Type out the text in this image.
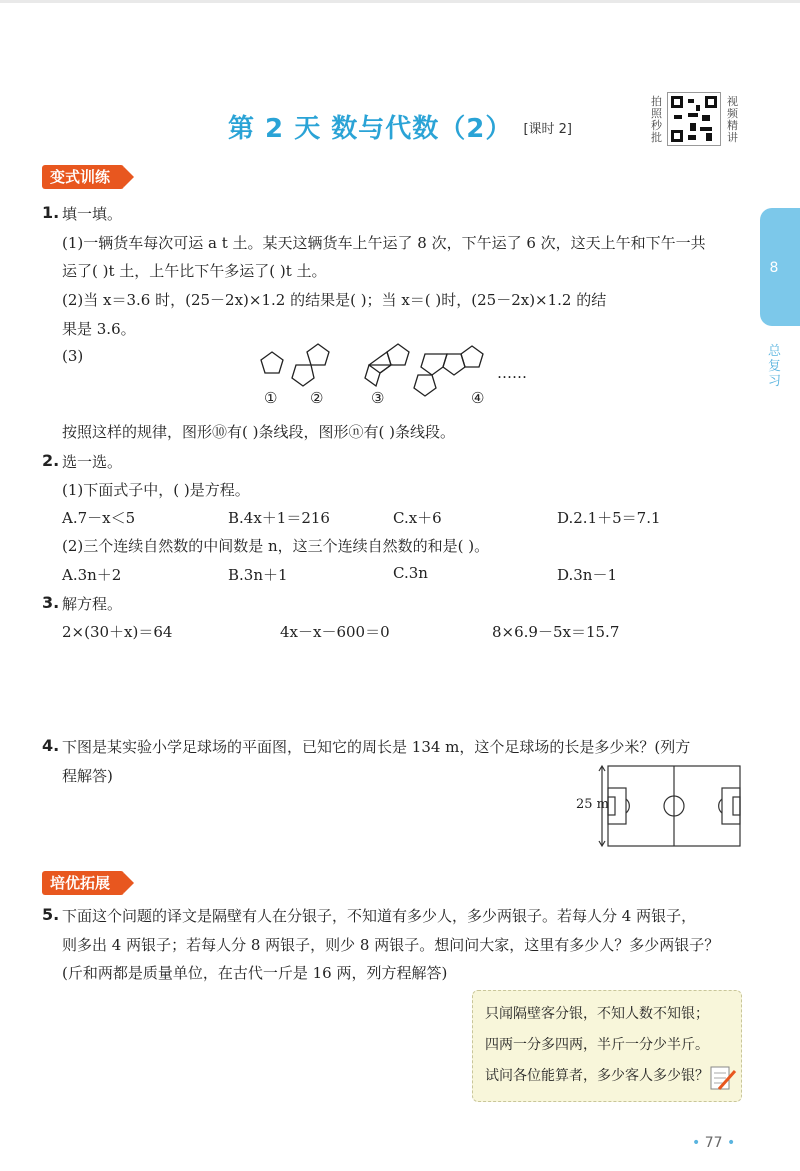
第 2 天 数与代数（2） [课时 2]
拍照秒批
视频精讲
8
总复习
变式训练
1. 填一填。
(1)一辆货车每次可运 a t 土。某天这辆货车上午运了 8 次，下午运了 6 次，这天上午和下午一共
运了( )t 土，上午比下午多运了( )t 土。
(2)当 x＝3.6 时，(25－2x)×1.2 的结果是( )；当 x＝( )时，(25－2x)×1.2 的结
果是 3.6。
(3)
……
① ②	③	④
按照这样的规律，图形⑩有( )条线段，图形ⓝ有( )条线段。
2. 选一选。
(1)下面式子中，( )是方程。
A.7－x＜5	B.4x＋1＝216	C.x＋6	D.2.1＋5＝7.1
(2)三个连续自然数的中间数是 n，这三个连续自然数的和是( )。
A.3n＋2	B.3n＋1	C.3n	D.3n－1
3. 解方程。
2×(30＋x)＝64	4x－x－600＝0	8×6.9－5x＝15.7
4. 下图是某实验小学足球场的平面图，已知它的周长是 134 m，这个足球场的长是多少米？(列方
程解答)
25 m
培优拓展
5. 下面这个问题的译文是隔壁有人在分银子，不知道有多少人，多少两银子。若每人分 4 两银子，
则多出 4 两银子；若每人分 8 两银子，则少 8 两银子。想问问大家，这里有多少人？多少两银子？
(斤和两都是质量单位，在古代一斤是 16 两，列方程解答)
只闻隔壁客分银，不知人数不知银；
四两一分多四两，半斤一分少半斤。
试问各位能算者，多少客人多少银？
• 77 •
